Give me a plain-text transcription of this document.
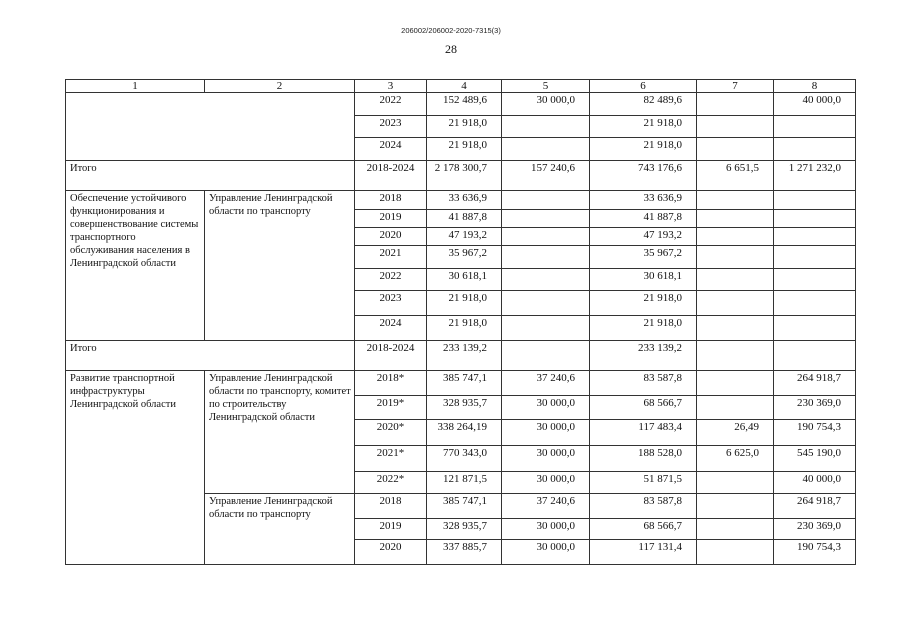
206002/206002-2020-7315(3)
28
1	2	3	4	5	6	7	8
		2022	152 489,6	30 000,0	82 489,6		40 000,0
		2023	21 918,0		21 918,0		
		2024	21 918,0		21 918,0		
Итого		2018-2024	2 178 300,7	157 240,6	743 176,6	6 651,5	1 271 232,0
Обеспечение устойчивого функционирования и совершенствование системы транспортного обслуживания населения в Ленинградской области	Управление Ленинградской области по транспорту	2018	33 636,9		33 636,9		
		2019	41 887,8		41 887,8		
		2020	47 193,2		47 193,2		
		2021	35 967,2		35 967,2		
		2022	30 618,1		30 618,1		
		2023	21 918,0		21 918,0		
		2024	21 918,0		21 918,0		
Итого		2018-2024	233 139,2		233 139,2		
Развитие транспортной инфраструктуры Ленинградской области	Управление Ленинградской области по транспорту, комитет по строительству Ленинградской области	2018*	385 747,1	37 240,6	83 587,8		264 918,7
		2019*	328 935,7	30 000,0	68 566,7		230 369,0
		2020*	338 264,19	30 000,0	117 483,4	26,49	190 754,3
		2021*	770 343,0	30 000,0	188 528,0	6 625,0	545 190,0
		2022*	121 871,5	30 000,0	51 871,5		40 000,0
	Управление Ленинградской области по транспорту	2018	385 747,1	37 240,6	83 587,8		264 918,7
		2019	328 935,7	30 000,0	68 566,7		230 369,0
		2020	337 885,7	30 000,0	117 131,4		190 754,3
